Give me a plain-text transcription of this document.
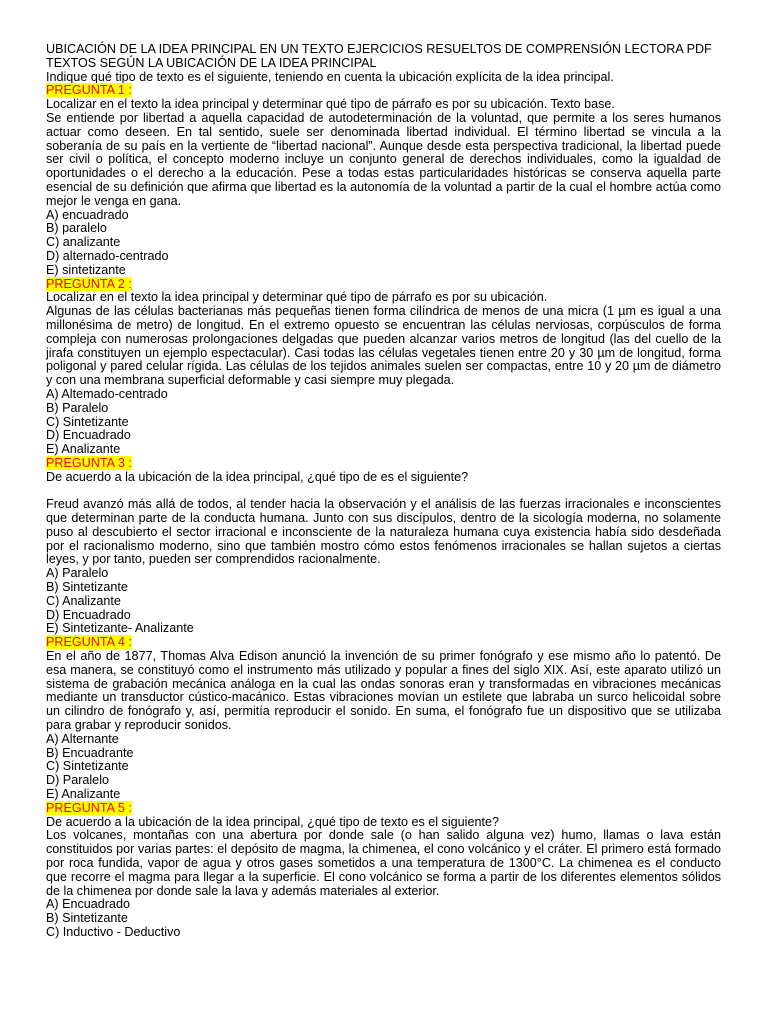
UBICACIÓN DE LA IDEA PRINCIPAL EN UN TEXTO EJERCICIOS RESUELTOS DE COMPRENSIÓN LECTORA PDF

TEXTOS SEGÚN LA UBICACIÓN DE LA IDEA PRINCIPAL

Indique qué tipo de texto es el siguiente, teniendo en cuenta la ubicación explícita de la idea principal.

PREGUNTA 1 :

Localizar en el texto la idea principal y determinar qué tipo de párrafo es por su ubicación. Texto base.

Se entiende por libertad a aquella capacidad de autodeterminación de la voluntad, que permite a los seres humanos actuar como deseen. En tal sentido, suele ser denominada libertad individual. El término libertad se vincula a la soberanía de su país en la vertiente de “libertad nacional”. Aunque desde esta perspectiva tradicional, la libertad puede ser civil o política, el concepto moderno incluye un conjunto general de derechos individuales, como la igualdad de oportunidades o el derecho a la educación. Pese a todas estas particularidades históricas se conserva aquella parte esencial de su definición que afirma que libertad es la autonomía de la voluntad a partir de la cual el hombre actúa como mejor le venga en gana.

A) encuadrado

B) paralelo

C) analizante

D) alternado-centrado

E) sintetizante

PREGUNTA 2 :

Localizar en el texto la idea principal y determinar qué tipo de párrafo es por su ubicación.

Algunas de las células bacterianas más pequeñas tienen forma cilíndrica de menos de una micra (1 µm es igual a una millonésima de metro) de longitud. En el extremo opuesto se encuentran las células nerviosas, corpúsculos de forma compleja con numerosas prolongaciones delgadas que pueden alcanzar varios metros de longitud (las del cuello de la jirafa constituyen un ejemplo espectacular). Casi todas las células vegetales tienen entre 20 y 30 µm de longitud, forma poligonal y pared celular rígida. Las células de los tejidos animales suelen ser compactas, entre 10 y 20 µm de diámetro y con una membrana superficial deformable y casi siempre muy plegada.

A) Altemado-centrado

B) Paralelo

C) Sintetizante

D) Encuadrado

E) Analizante

PREGUNTA 3 :

De acuerdo a la ubicación de la idea principal, ¿qué tipo de es el siguiente?

Freud avanzó más allá de todos, al tender hacia la observación y el análisis de las fuerzas irracionales e inconscientes que determinan parte de la conducta humana. Junto con sus discípulos, dentro de la sicología moderna, no solamente puso al descubierto el sector irracional e inconsciente de la naturaleza humana cuya existencia había sido desdeñada por el racionalismo moderno, sino que también mostro cómo estos fenómenos irracionales se hallan sujetos a ciertas leyes, y por tanto, pueden ser comprendidos racionalmente.

A) Paralelo

B) Sintetizante

C) Analizante

D) Encuadrado

E) Sintetizante- Analizante

PREGUNTA 4 :

En el año de 1877, Thomas Alva Edison anunció la invención de su primer fonógrafo y ese mismo año lo patentó. De esa manera, se constituyó como el instrumento más utilizado y popular a fines del siglo XIX. Así, este aparato utilizó un sistema de grabación mecánica análoga en la cual las ondas sonoras eran y transformadas en vibraciones mecánicas mediante un transductor cústico-macánico. Estas vibraciones movían un estilete que labraba un surco helicoidal sobre un cilindro de fonógrafo y, así, permitía reproducir el sonido. En suma, el fonógrafo fue un dispositivo que se utilizaba para grabar y reproducir sonidos.

A) Alternante

B) Encuadrante

C) Sintetizante

D) Paralelo

E) Analizante

PREGUNTA 5 :

De acuerdo a la ubicación de la idea principal, ¿qué tipo de texto es el siguiente?

Los volcanes, montañas con una abertura por donde sale (o han salido alguna vez) humo, llamas o lava están constituidos por varias partes: el depósito de magma, la chimenea, el cono volcánico y el cráter. El primero está formado por roca fundida, vapor de agua y otros gases sometidos a una temperatura de 1300°C. La chimenea es el conducto que recorre el magma para llegar a la superficie. El cono volcánico se forma a partir de los diferentes elementos sólidos de la chimenea por donde sale la lava y además materiales al exterior.

A) Encuadrado

B) Sintetizante

C) Inductivo - Deductivo
